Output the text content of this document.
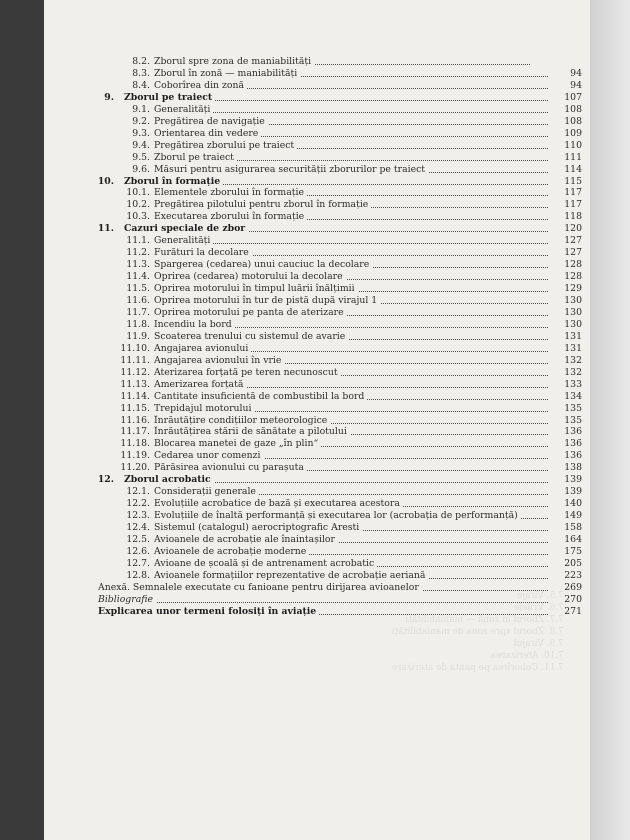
7.5. Viraje
7.6. Vrilele
7.7. Zborul în zonă — maniabilități
7.8. Zborul spre zona de maniabilități
7.9. Virajul
7.10. Aterizarea
7.11. Coborîrea pe panta de aterizare
8.2. Zborul spre zona de maniabilități
8.3. Zborul în zonă — maniabilități	94
8.4. Coborîrea din zonă	94
9. Zborul pe traiect	107
9.1. Generalități	108
9.2. Pregătirea de navigație	108
9.3. Orientarea din vedere	109
9.4. Pregătirea zborului pe traiect	110
9.5. Zborul pe traiect	111
9.6. Măsuri pentru asigurarea securității zborurilor pe traiect	114
10. Zborul în formație	115
10.1. Elementele zborului în formație	117
10.2. Pregătirea pilotului pentru zborul în formație	117
10.3. Executarea zborului în formație	118
11. Cazuri speciale de zbor	120
11.1. Generalități	127
11.2. Furături la decolare	127
11.3. Spargerea (cedarea) unui cauciuc la decolare	128
11.4. Oprirea (cedarea) motorului la decolare	128
11.5. Oprirea motorului în timpul luării înălțimii	129
11.6. Oprirea motorului în tur de pistă după virajul 1	130
11.7. Oprirea motorului pe panta de aterizare	130
11.8. Incendiu la bord	130
11.9. Scoaterea trenului cu sistemul de avarie	131
11.10. Angajarea avionului	131
11.11. Angajarea avionului în vrie	132
11.12. Aterizarea forțată pe teren necunoscut	132
11.13. Amerizarea forțată	133
11.14. Cantitate insuficientă de combustibil la bord	134
11.15. Trepidajul motorului	135
11.16. Înrăutățire condițiilor meteorologice	135
11.17. Înrăutățirea stării de sănătate a pilotului	136
11.18. Blocarea manetei de gaze „în plin“	136
11.19. Cedarea unor comenzi	136
11.20. Părăsirea avionului cu parașuta	138
12. Zborul acrobatic	139
12.1. Considerații generale	139
12.2. Evoluțiile acrobatice de bază și executarea acestora	140
12.3. Evoluțiile de înaltă performanță și executarea lor (acrobația de performanță)	149
12.4. Sistemul (catalogul) aerocriptografic Aresti	158
12.5. Avioanele de acrobație ale înaintașilor	164
12.6. Avioanele de acrobație moderne	175
12.7. Avioane de școală și de antrenament acrobatic	205
12.8. Avioanele formațiilor reprezentative de acrobație aeriană	223
Anexă. Semnalele executate cu fanioane pentru dirijarea avioanelor	269
Bibliografie	270
Explicarea unor termeni folosiți în aviație	271
